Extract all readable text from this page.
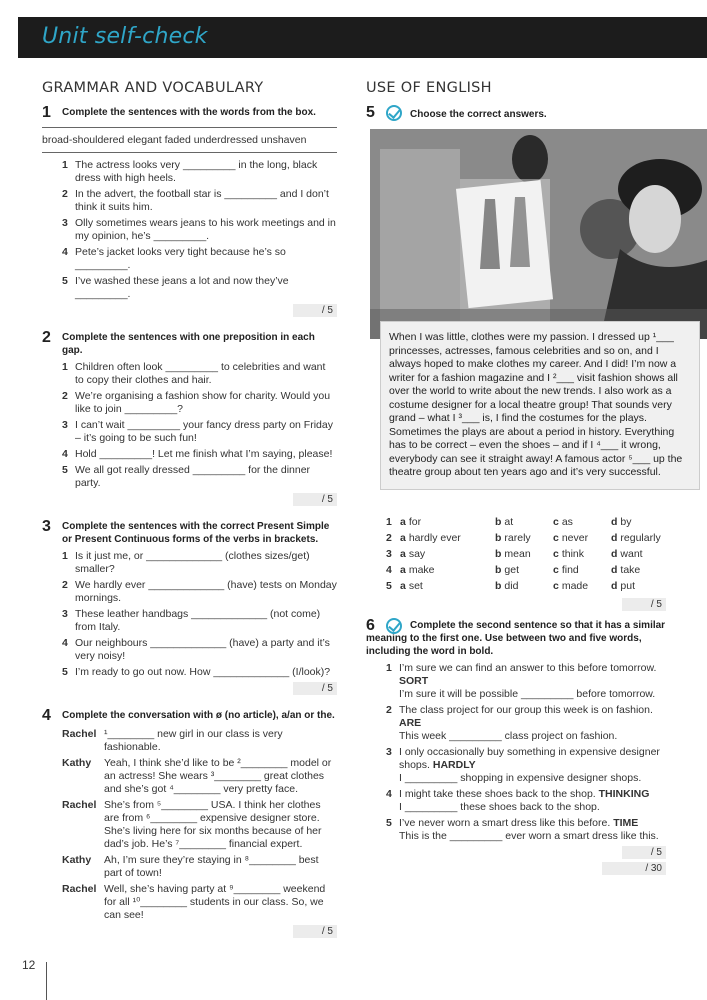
Unit self-check
GRAMMAR AND VOCABULARY
1 Complete the sentences with the words from the box.
broad-shouldered elegant faded underdressed unshaven
1 The actress looks very _________ in the long, black dress with high heels.
2 In the advert, the football star is _________ and I don’t think it suits him.
3 Olly sometimes wears jeans to his work meetings and in my opinion, he’s _________.
4 Pete’s jacket looks very tight because he’s so _________.
5 I’ve washed these jeans a lot and now they’ve _________.
/ 5
2 Complete the sentences with one preposition in each gap.
1 Children often look _________ to celebrities and want to copy their clothes and hair.
2 We’re organising a fashion show for charity. Would you like to join _________?
3 I can’t wait _________ your fancy dress party on Friday – it’s going to be such fun!
4 Hold _________! Let me finish what I’m saying, please!
5 We all got really dressed _________ for the dinner party.
/ 5
3 Complete the sentences with the correct Present Simple or Present Continuous forms of the verbs in brackets.
1 Is it just me, or _____________ (clothes sizes/get) smaller?
2 We hardly ever _____________ (have) tests on Monday mornings.
3 These leather handbags _____________ (not come) from Italy.
4 Our neighbours _____________ (have) a party and it’s very noisy!
5 I’m ready to go out now. How _____________ (I/look)?
/ 5
4 Complete the conversation with ø (no article), a/an or the.
Rachel ¹________ new girl in our class is very fashionable.
Kathy	Yeah, I think she’d like to be ²________ model or an actress! She wears ³________ great clothes and she’s got ⁴________ very pretty face.
Rachel She’s from ⁵________ USA. I think her clothes are from ⁶________ expensive designer store. She’s living here for six months because of her dad’s job. He’s ⁷________ financial expert.
Kathy	Ah, I’m sure they’re staying in ⁸________ best part of town!
Rachel Well, she’s having party at ⁹________ weekend for all ¹⁰________ students in our class. So, we can see!
/ 5
USE OF ENGLISH
5	Choose the correct answers.
When I was little, clothes were my passion. I dressed up ¹___ princesses, actresses, famous celebrities and so on, and I always hoped to make clothes my career. And I did! I’m now a writer for a fashion magazine and I ²___ visit fashion shows all over the world to write about the new trends. I also work as a costume designer for a local theatre group! That sounds very grand – what I ³___ is, I find the costumes for the plays. Sometimes the plays are about a period in history. Everything has to be correct – even the shoes – and if I ⁴___ it wrong, everybody can see it straight away! A famous actor ⁵___ up the theatre group about ten years ago and it’s very successful.
1 a for	b at	c as	d by
2 a hardly ever	b rarely	c never	d regularly
3 a say	b mean	c think	d want
4 a make	b get	c find	d take
5 a set	b did	c made	d put
/ 5
6	Complete the second sentence so that it has a similar meaning to the first one. Use between two and five words, including the word in bold.
1 I’m sure we can find an answer to this before tomorrow. SORT
I’m sure it will be possible _________ before tomorrow.
2 The class project for our group this week is on fashion. ARE
This week _________ class project on fashion.
3 I only occasionally buy something in expensive designer shops. HARDLY
I _________ shopping in expensive designer shops.
4 I might take these shoes back to the shop. THINKING
I _________ these shoes back to the shop.
5 I’ve never worn a smart dress like this before. TIME
This is the _________ ever worn a smart dress like this.
/ 5
/ 30
12
